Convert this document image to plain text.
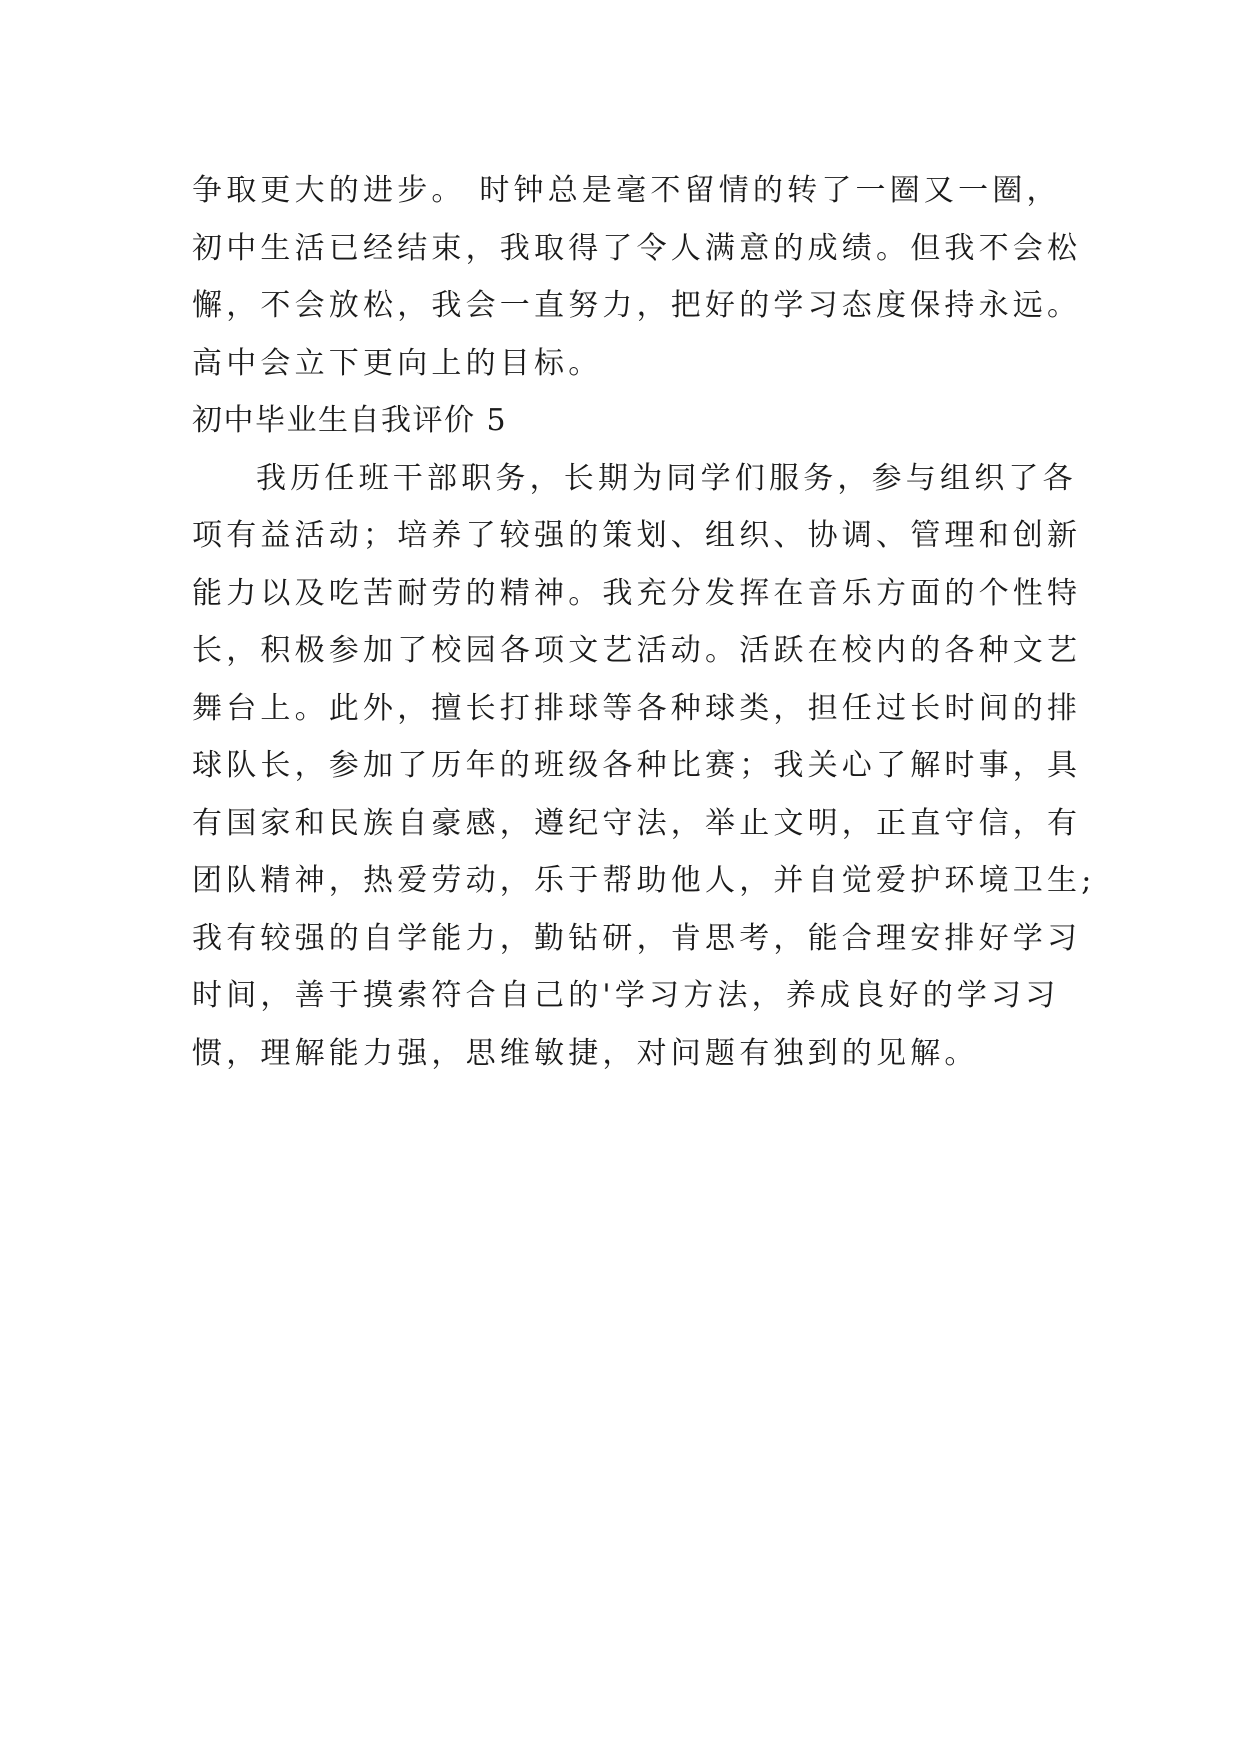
争取更大的进步。 时钟总是毫不留情的转了一圈又一圈，
初中生活已经结束，我取得了令人满意的成绩。但我不会松
懈，不会放松，我会一直努力，把好的学习态度保持永远。
高中会立下更向上的目标。
初中毕业生自我评价 5
我历任班干部职务，长期为同学们服务，参与组织了各
项有益活动；培养了较强的策划、组织、协调、管理和创新
能力以及吃苦耐劳的精神。我充分发挥在音乐方面的个性特
长，积极参加了校园各项文艺活动。活跃在校内的各种文艺
舞台上。此外，擅长打排球等各种球类，担任过长时间的排
球队长，参加了历年的班级各种比赛；我关心了解时事，具
有国家和民族自豪感，遵纪守法，举止文明，正直守信，有
团队精神，热爱劳动，乐于帮助他人，并自觉爱护环境卫生;
我有较强的自学能力，勤钻研，肯思考，能合理安排好学习
时间，善于摸索符合自己的'学习方法，养成良好的学习习
惯，理解能力强，思维敏捷，对问题有独到的见解。
